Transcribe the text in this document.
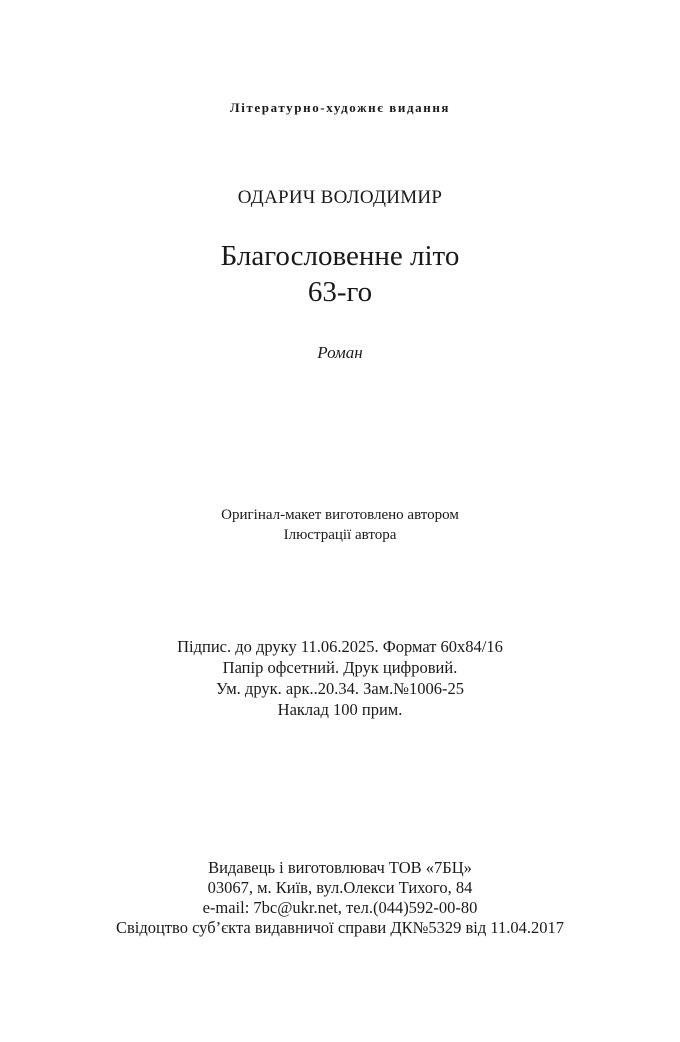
Літературно-художнє видання
ОДАРИЧ ВОЛОДИМИР
Благословенне літо
63-го
Роман
Оригінал-макет виготовлено автором
Ілюстрації автора
Підпис. до друку 11.06.2025. Формат 60х84/16
Папір офсетний. Друк цифровий.
Ум. друк. арк..20.34. Зам.№1006-25
Наклад 100 прим.
Видавець і виготовлювач ТОВ «7БЦ»
03067, м. Київ, вул.Олекси Тихого, 84
e-mail: 7bc@ukr.net, тел.(044)592-00-80
Свідоцтво суб’єкта видавничої справи ДК№5329 від 11.04.2017
